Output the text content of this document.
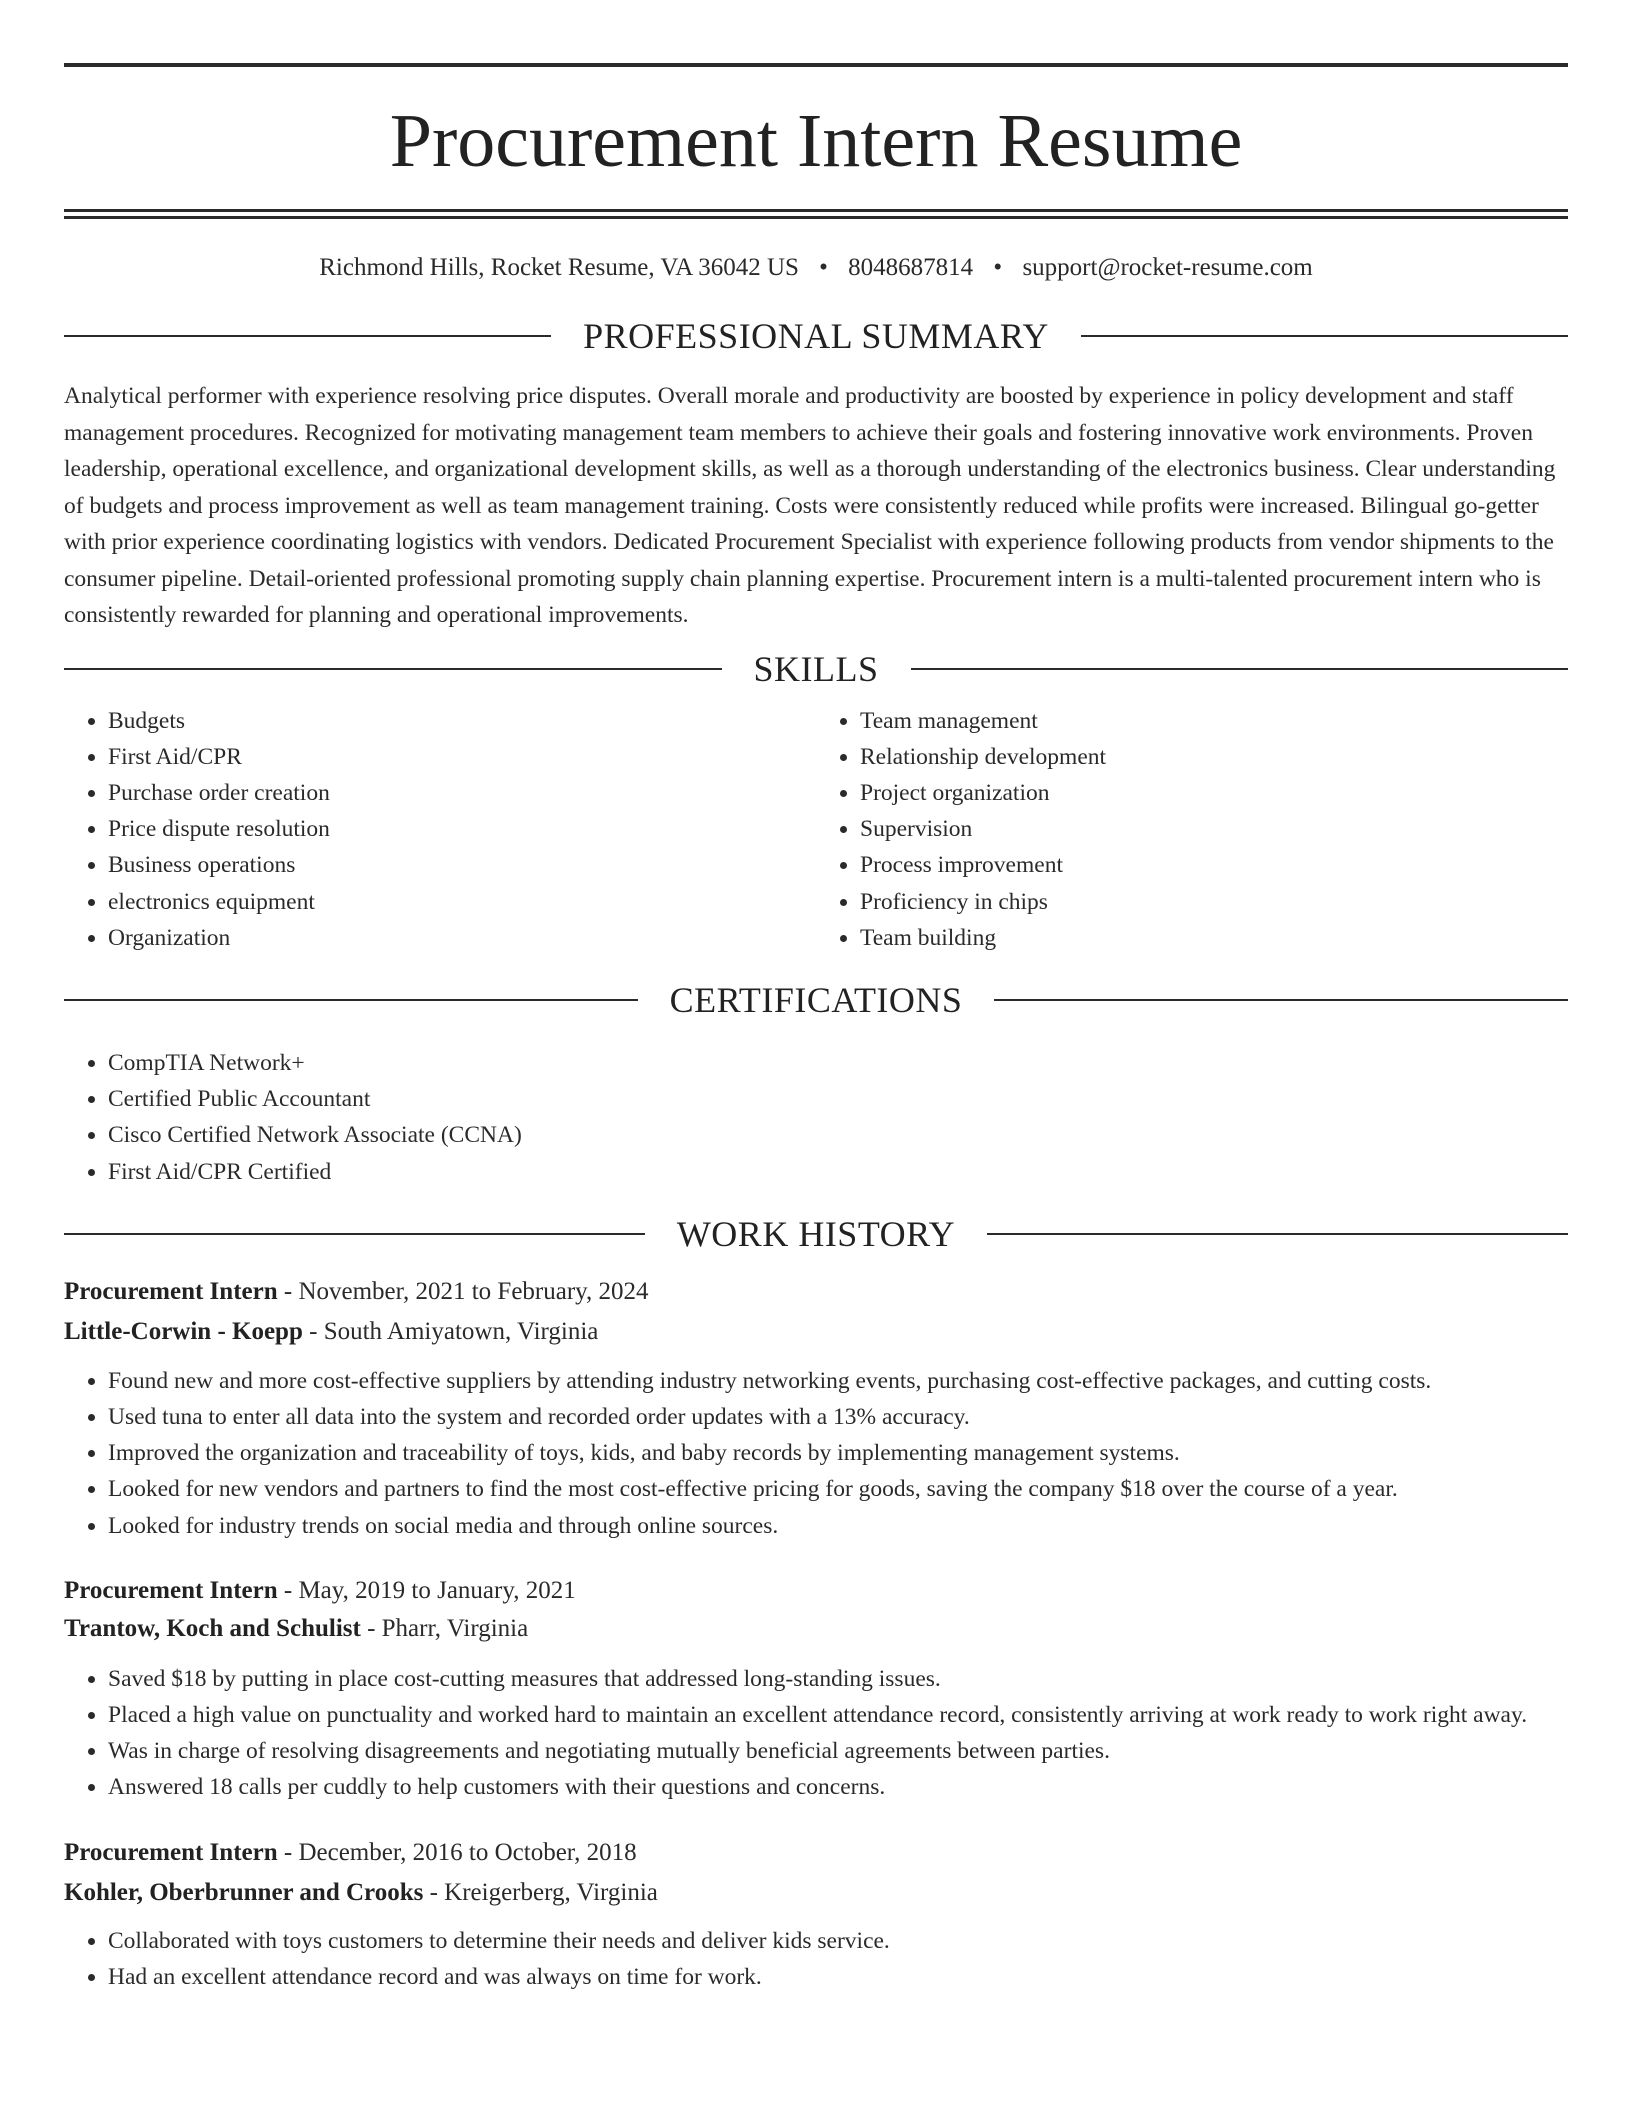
Procurement Intern Resume
Richmond Hills, Rocket Resume, VA 36042 US • 8048687814 • support@rocket-resume.com
PROFESSIONAL SUMMARY

Analytical performer with experience resolving price disputes. Overall morale and productivity are boosted by experience in policy development and staff management procedures. Recognized for motivating management team members to achieve their goals and fostering innovative work environments. Proven leadership, operational excellence, and organizational development skills, as well as a thorough understanding of the electronics business. Clear understanding of budgets and process improvement as well as team management training. Costs were consistently reduced while profits were increased. Bilingual go-getter with prior experience coordinating logistics with vendors. Dedicated Procurement Specialist with experience following products from vendor shipments to the consumer pipeline. Detail-oriented professional promoting supply chain planning expertise. Procurement intern is a multi-talented procurement intern who is consistently rewarded for planning and operational improvements.

SKILLS
• Budgets
• First Aid/CPR
• Purchase order creation
• Price dispute resolution
• Business operations
• electronics equipment
• Organization
• Team management
• Relationship development
• Project organization
• Supervision
• Process improvement
• Proficiency in chips
• Team building
CERTIFICATIONS
• CompTIA Network+
• Certified Public Accountant
• Cisco Certified Network Associate (CCNA)
• First Aid/CPR Certified
WORK HISTORY
Procurement Intern - November, 2021 to February, 2024
Little-Corwin - Koepp - South Amiyatown, Virginia
• Found new and more cost-effective suppliers by attending industry networking events, purchasing cost-effective packages, and cutting costs.
• Used tuna to enter all data into the system and recorded order updates with a 13% accuracy.
• Improved the organization and traceability of toys, kids, and baby records by implementing management systems.
• Looked for new vendors and partners to find the most cost-effective pricing for goods, saving the company $18 over the course of a year.
• Looked for industry trends on social media and through online sources.
Procurement Intern - May, 2019 to January, 2021
Trantow, Koch and Schulist - Pharr, Virginia
• Saved $18 by putting in place cost-cutting measures that addressed long-standing issues.
• Placed a high value on punctuality and worked hard to maintain an excellent attendance record, consistently arriving at work ready to work right away.
• Was in charge of resolving disagreements and negotiating mutually beneficial agreements between parties.
• Answered 18 calls per cuddly to help customers with their questions and concerns.
Procurement Intern - December, 2016 to October, 2018
Kohler, Oberbrunner and Crooks - Kreigerberg, Virginia
• Collaborated with toys customers to determine their needs and deliver kids service.
• Had an excellent attendance record and was always on time for work.
